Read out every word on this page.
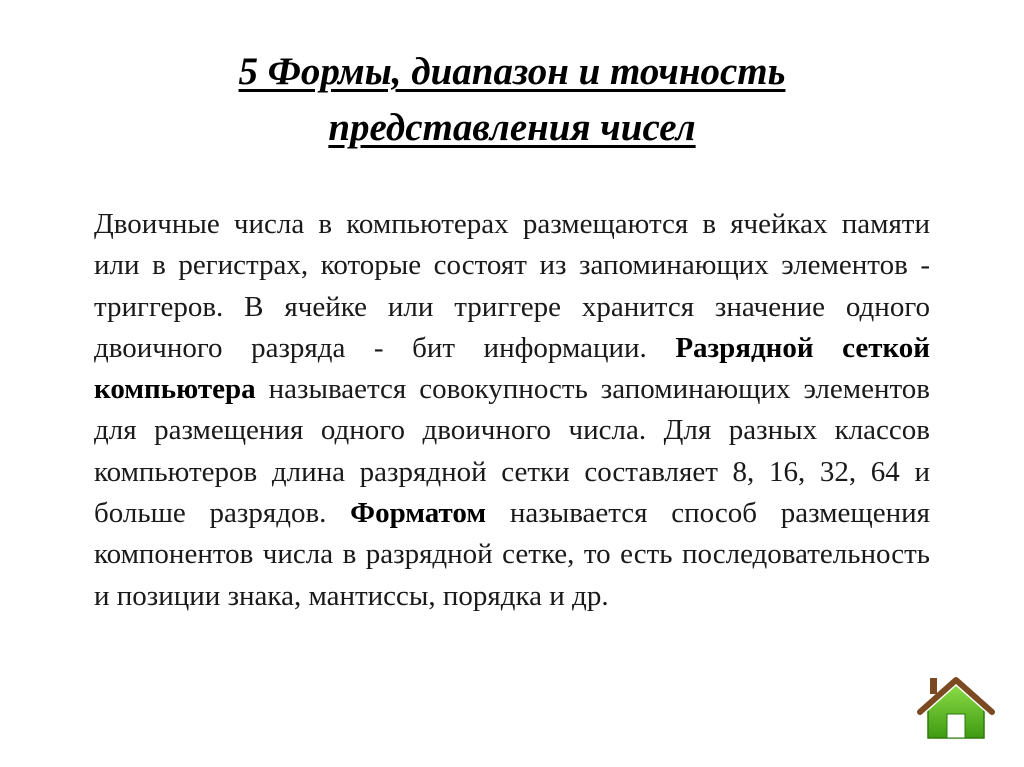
5 Формы, диапазон и точность
представления чисел
Двоичные числа в компьютерах размещаются в ячейках памяти или в регистрах, которые состоят из запоминающих элементов - триггеров. В ячейке или триггере хранится значение одного двоичного разряда - бит информации. Разрядной сеткой компьютера называется совокупность запоминающих элементов для размещения одного двоичного числа. Для разных классов компьютеров длина разрядной сетки составляет 8, 16, 32, 64 и больше разрядов. Форматом называется способ размещения компонентов числа в разрядной сетке, то есть последовательность и позиции знака, мантиссы, порядка и др.
